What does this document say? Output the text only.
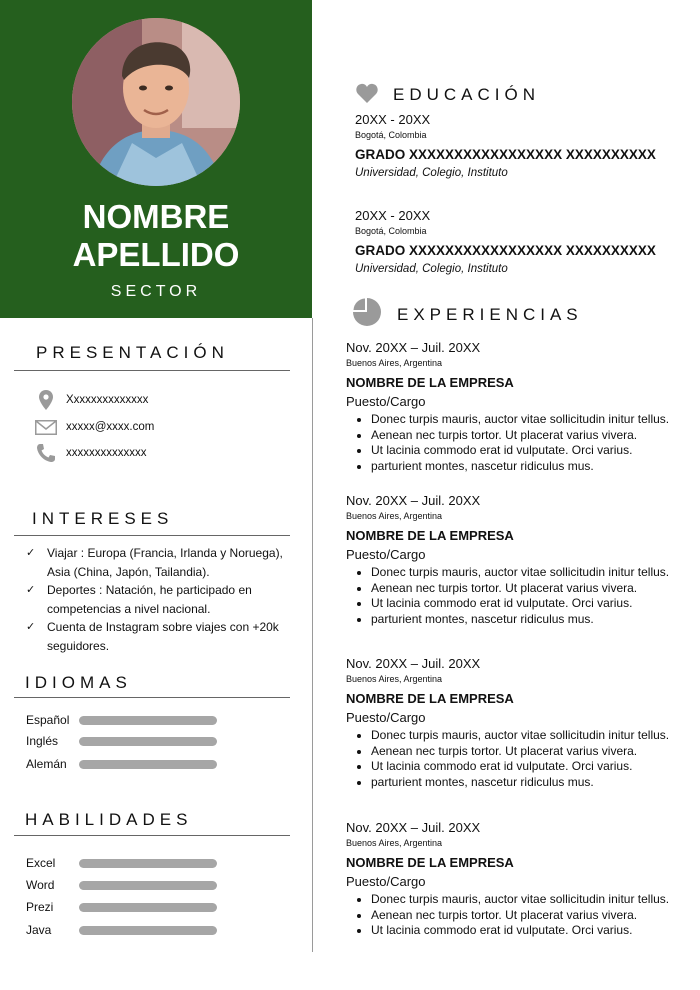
NOMBRE
APELLIDO
SECTOR
PRESENTACIÓN
Xxxxxxxxxxxxxx
xxxxx@xxxx.com
xxxxxxxxxxxxxx
INTERESES
✓ Viajar : Europa (Francia, Irlanda y Noruega), Asia (China, Japón, Tailandia).
✓ Deportes : Natación, he participado en competencias a nivel nacional.
✓ Cuenta de Instagram sobre viajes con +20k seguidores.
IDIOMAS
Español
Inglés
Alemán
HABILIDADES
Excel
Word
Prezi
Java
EDUCACIÓN
20XX - 20XX
Bogotá, Colombia
GRADO XXXXXXXXXXXXXXXXX XXXXXXXXXX
Universidad, Colegio, Instituto
20XX - 20XX
Bogotá, Colombia
GRADO XXXXXXXXXXXXXXXXX XXXXXXXXXX
Universidad, Colegio, Instituto
EXPERIENCIAS
Nov. 20XX – Juil. 20XX
Buenos Aires, Argentina
NOMBRE DE LA EMPRESA
Puesto/Cargo
• Donec turpis mauris, auctor vitae sollicitudin initur tellus.
• Aenean nec turpis tortor. Ut placerat varius vivera.
• Ut lacinia commodo erat id vulputate. Orci varius.
• parturient montes, nascetur ridiculus mus.
Nov. 20XX – Juil. 20XX
Buenos Aires, Argentina
NOMBRE DE LA EMPRESA
Puesto/Cargo
• Donec turpis mauris, auctor vitae sollicitudin initur tellus.
• Aenean nec turpis tortor. Ut placerat varius vivera.
• Ut lacinia commodo erat id vulputate. Orci varius.
• parturient montes, nascetur ridiculus mus.
Nov. 20XX – Juil. 20XX
Buenos Aires, Argentina
NOMBRE DE LA EMPRESA
Puesto/Cargo
• Donec turpis mauris, auctor vitae sollicitudin initur tellus.
• Aenean nec turpis tortor. Ut placerat varius vivera.
• Ut lacinia commodo erat id vulputate. Orci varius.
• parturient montes, nascetur ridiculus mus.
Nov. 20XX – Juil. 20XX
Buenos Aires, Argentina
NOMBRE DE LA EMPRESA
Puesto/Cargo
• Donec turpis mauris, auctor vitae sollicitudin initur tellus.
• Aenean nec turpis tortor. Ut placerat varius vivera.
• Ut lacinia commodo erat id vulputate. Orci varius.
